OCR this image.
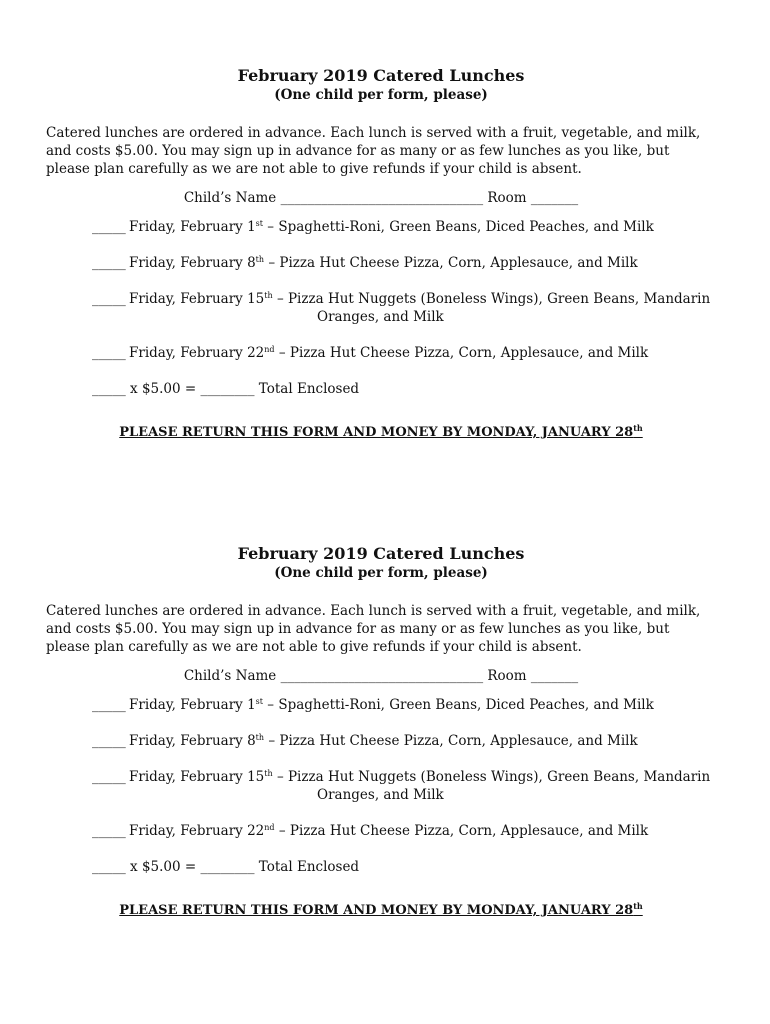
February 2019 Catered Lunches

(One child per form, please)

Catered lunches are ordered in advance. Each lunch is served with a fruit, vegetable, and milk, and costs $5.00. You may sign up in advance for as many or as few lunches as you like, but please plan carefully as we are not able to give refunds if your child is absent.

Child’s Name ______________________________ Room _______

_____ Friday, February 1st – Spaghetti-Roni, Green Beans, Diced Peaches, and Milk
_____ Friday, February 8th – Pizza Hut Cheese Pizza, Corn, Applesauce, and Milk
_____ Friday, February 15th – Pizza Hut Nuggets (Boneless Wings), Green Beans, Mandarin
Oranges, and Milk
_____ Friday, February 22nd – Pizza Hut Cheese Pizza, Corn, Applesauce, and Milk
_____ x $5.00 = ________ Total Enclosed

PLEASE RETURN THIS FORM AND MONEY BY MONDAY, JANUARY 28th

February 2019 Catered Lunches

(One child per form, please)

Catered lunches are ordered in advance. Each lunch is served with a fruit, vegetable, and milk, and costs $5.00. You may sign up in advance for as many or as few lunches as you like, but please plan carefully as we are not able to give refunds if your child is absent.

Child’s Name ______________________________ Room _______

_____ Friday, February 1st – Spaghetti-Roni, Green Beans, Diced Peaches, and Milk
_____ Friday, February 8th – Pizza Hut Cheese Pizza, Corn, Applesauce, and Milk
_____ Friday, February 15th – Pizza Hut Nuggets (Boneless Wings), Green Beans, Mandarin
Oranges, and Milk
_____ Friday, February 22nd – Pizza Hut Cheese Pizza, Corn, Applesauce, and Milk
_____ x $5.00 = ________ Total Enclosed

PLEASE RETURN THIS FORM AND MONEY BY MONDAY, JANUARY 28th
